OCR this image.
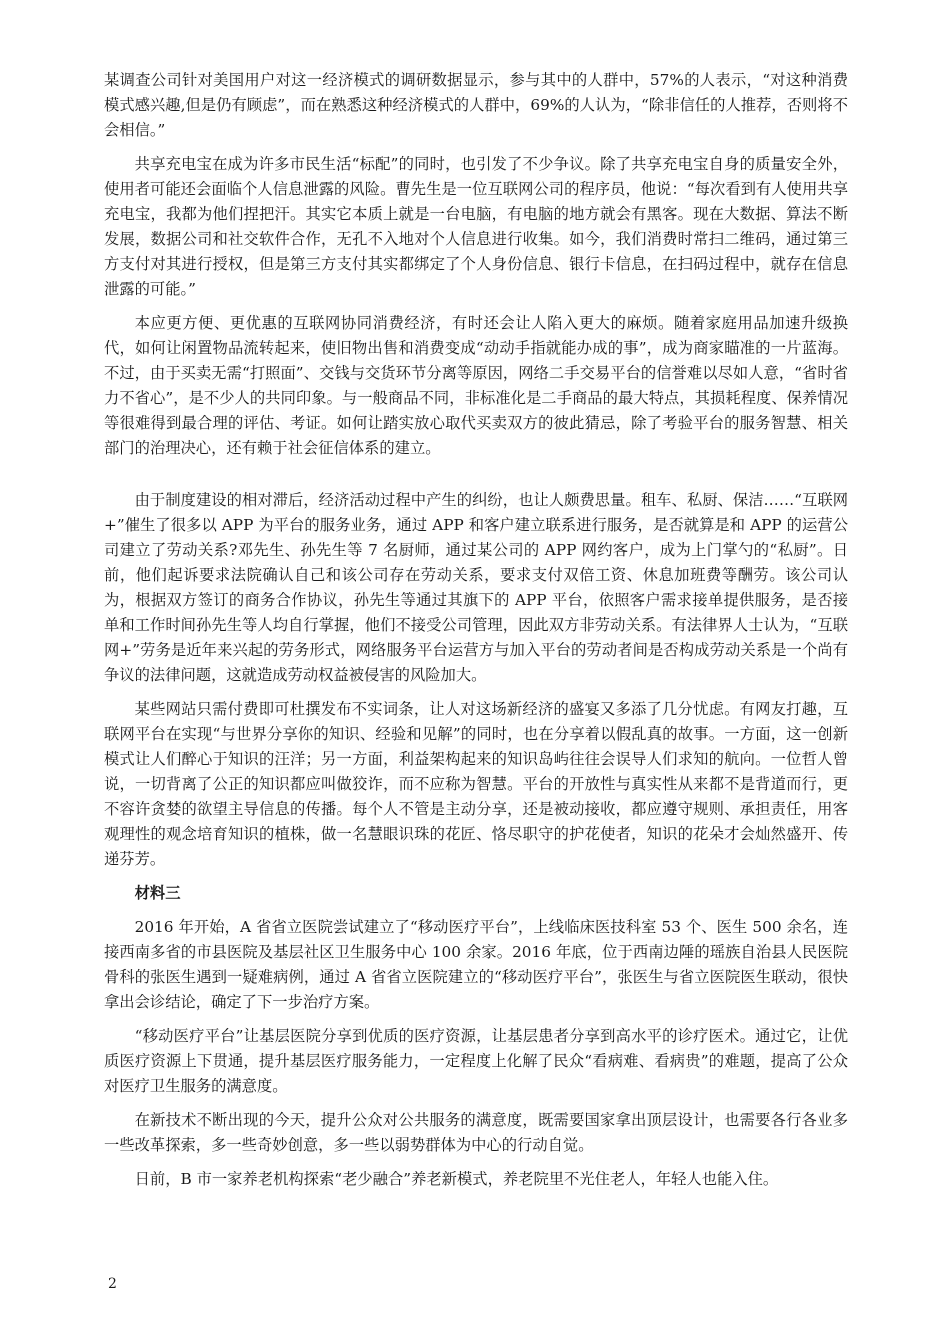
某调查公司针对美国用户对这一经济模式的调研数据显示，参与其中的人群中，57%的人表示，“对这种消费模式感兴趣,但是仍有顾虑”，而在熟悉这种经济模式的人群中，69%的人认为，“除非信任的人推荐，否则将不会相信。”

共享充电宝在成为许多市民生活“标配”的同时，也引发了不少争议。除了共享充电宝自身的质量安全外，使用者可能还会面临个人信息泄露的风险。曹先生是一位互联网公司的程序员，他说：“每次看到有人使用共享充电宝，我都为他们捏把汗。其实它本质上就是一台电脑，有电脑的地方就会有黑客。现在大数据、算法不断发展，数据公司和社交软件合作，无孔不入地对个人信息进行收集。如今，我们消费时常扫二维码，通过第三方支付对其进行授权，但是第三方支付其实都绑定了个人身份信息、银行卡信息，在扫码过程中，就存在信息泄露的可能。”

本应更方便、更优惠的互联网协同消费经济，有时还会让人陷入更大的麻烦。随着家庭用品加速升级换代，如何让闲置物品流转起来，使旧物出售和消费变成“动动手指就能办成的事”，成为商家瞄准的一片蓝海。不过，由于买卖无需“打照面”、交钱与交货环节分离等原因，网络二手交易平台的信誉难以尽如人意，“省时省力不省心”，是不少人的共同印象。与一般商品不同，非标准化是二手商品的最大特点，其损耗程度、保养情况等很难得到最合理的评估、考证。如何让踏实放心取代买卖双方的彼此猜忌，除了考验平台的服务智慧、相关部门的治理决心，还有赖于社会征信体系的建立。

由于制度建设的相对滞后，经济活动过程中产生的纠纷，也让人颇费思量。租车、私厨、保洁……“互联网+”催生了很多以 APP 为平台的服务业务，通过 APP 和客户建立联系进行服务，是否就算是和 APP 的运营公司建立了劳动关系?邓先生、孙先生等 7 名厨师，通过某公司的 APP 网约客户，成为上门掌勺的“私厨”。日前，他们起诉要求法院确认自己和该公司存在劳动关系，要求支付双倍工资、休息加班费等酬劳。该公司认为，根据双方签订的商务合作协议，孙先生等通过其旗下的 APP 平台，依照客户需求接单提供服务，是否接单和工作时间孙先生等人均自行掌握，他们不接受公司管理，因此双方非劳动关系。有法律界人士认为，“互联网+”劳务是近年来兴起的劳务形式，网络服务平台运营方与加入平台的劳动者间是否构成劳动关系是一个尚有争议的法律问题，这就造成劳动权益被侵害的风险加大。

某些网站只需付费即可杜撰发布不实词条，让人对这场新经济的盛宴又多添了几分忧虑。有网友打趣，互联网平台在实现“与世界分享你的知识、经验和见解”的同时，也在分享着以假乱真的故事。一方面，这一创新模式让人们醉心于知识的汪洋；另一方面，利益架构起来的知识岛屿往往会误导人们求知的航向。一位哲人曾说，一切背离了公正的知识都应叫做狡诈，而不应称为智慧。平台的开放性与真实性从来都不是背道而行，更不容许贪婪的欲望主导信息的传播。每个人不管是主动分享，还是被动接收，都应遵守规则、承担责任，用客观理性的观念培育知识的植株，做一名慧眼识珠的花匠、恪尽职守的护花使者，知识的花朵才会灿然盛开、传递芬芳。

材料三

2016 年开始，A 省省立医院尝试建立了“移动医疗平台”，上线临床医技科室 53 个、医生 500 余名，连接西南多省的市县医院及基层社区卫生服务中心 100 余家。2016 年底，位于西南边陲的瑶族自治县人民医院骨科的张医生遇到一疑难病例，通过 A 省省立医院建立的“移动医疗平台”，张医生与省立医院医生联动，很快拿出会诊结论，确定了下一步治疗方案。

“移动医疗平台”让基层医院分享到优质的医疗资源，让基层患者分享到高水平的诊疗医术。通过它，让优质医疗资源上下贯通，提升基层医疗服务能力，一定程度上化解了民众“看病难、看病贵”的难题，提高了公众对医疗卫生服务的满意度。

在新技术不断出现的今天，提升公众对公共服务的满意度，既需要国家拿出顶层设计，也需要各行各业多一些改革探索，多一些奇妙创意，多一些以弱势群体为中心的行动自觉。

日前，B 市一家养老机构探索“老少融合”养老新模式，养老院里不光住老人，年轻人也能入住。

2
